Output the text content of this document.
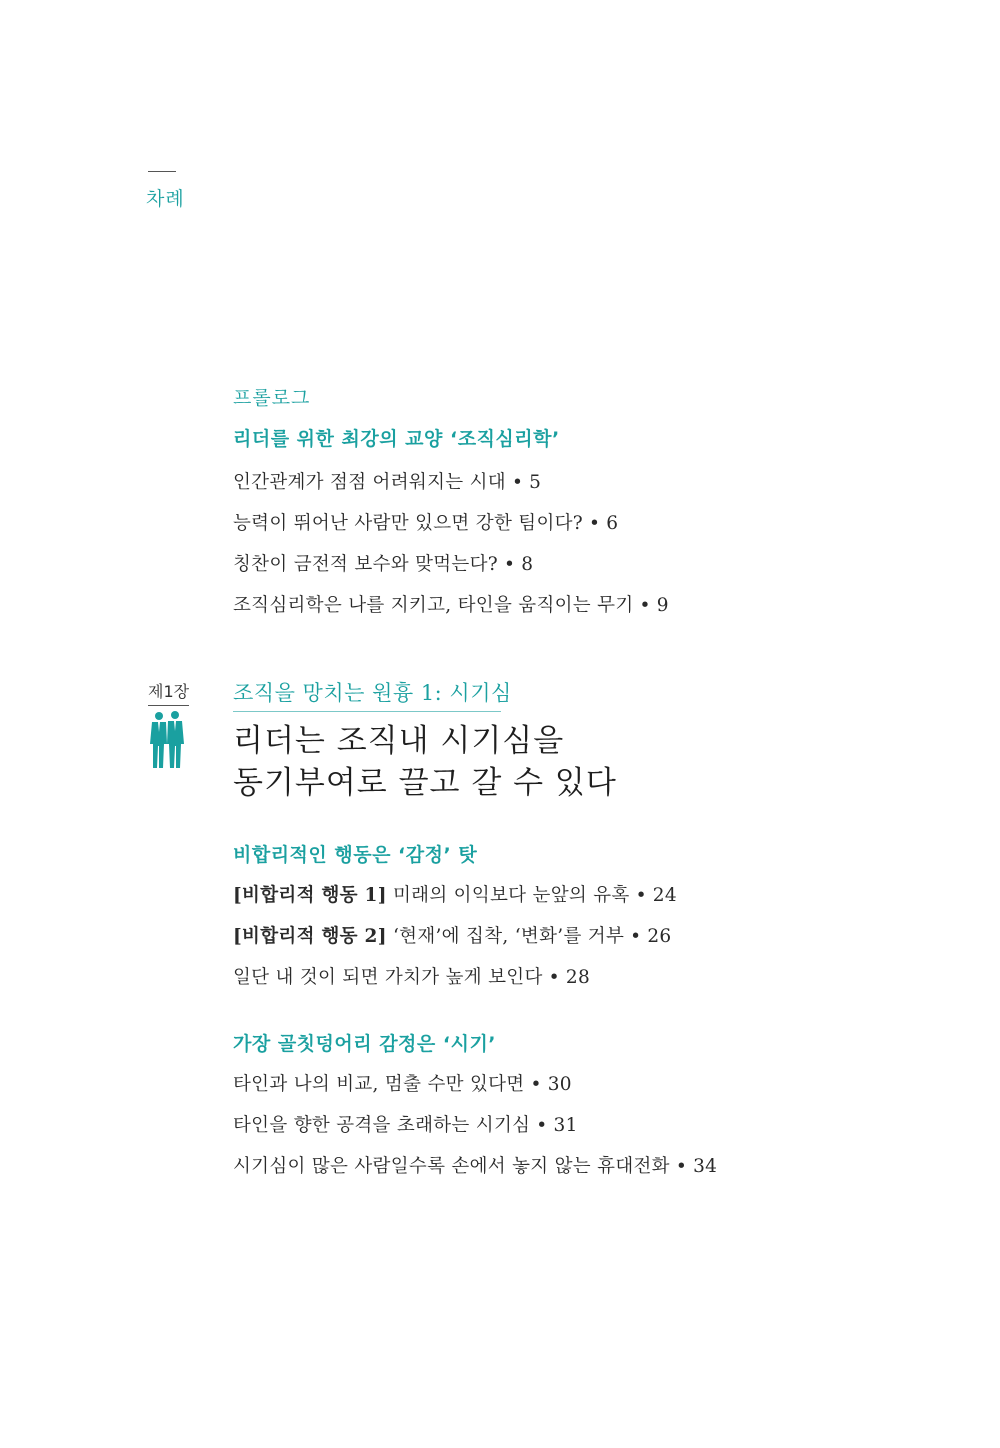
차례
프롤로그
리더를 위한 최강의 교양 ‘조직심리학’
인간관계가 점점 어려워지는 시대 • 5
능력이 뛰어난 사람만 있으면 강한 팀이다? • 6
칭찬이 금전적 보수와 맞먹는다? • 8
조직심리학은 나를 지키고, 타인을 움직이는 무기 • 9
제1장 조직을 망치는 원흉 1: 시기심
리더는 조직내 시기심을
동기부여로 끌고 갈 수 있다
비합리적인 행동은 ‘감정’ 탓
[비합리적 행동 1] 미래의 이익보다 눈앞의 유혹 • 24
[비합리적 행동 2] ‘현재’에 집착, ‘변화’를 거부 • 26
일단 내 것이 되면 가치가 높게 보인다 • 28
가장 골칫덩어리 감정은 ‘시기’
타인과 나의 비교, 멈출 수만 있다면 • 30
타인을 향한 공격을 초래하는 시기심 • 31
시기심이 많은 사람일수록 손에서 놓지 않는 휴대전화 • 34
